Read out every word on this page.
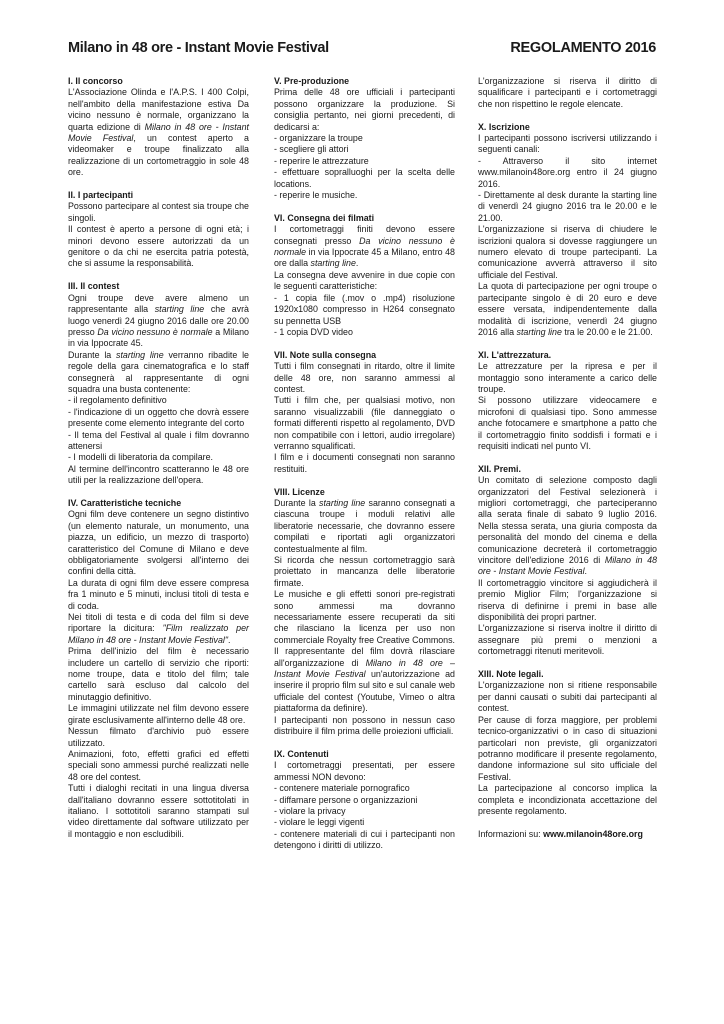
Milano in 48 ore - Instant Movie Festival	REGOLAMENTO 2016
I. Il concorso

L'Associazione Olinda e l'A.P.S. I 400 Colpi, nell'ambito della manifestazione estiva Da vicino nessuno è normale, organizzano la quarta edizione di Milano in 48 ore - Instant Movie Festival, un contest aperto a videomaker e troupe finalizzato alla realizzazione di un cortometraggio in sole 48 ore.

II. I partecipanti

Possono partecipare al contest sia troupe che singoli.

Il contest è aperto a persone di ogni età; i minori devono essere autorizzati da un genitore o da chi ne esercita patria potestà, che si assume la responsabilità.

III. Il contest

Ogni troupe deve avere almeno un rappresentante alla starting line che avrà luogo venerdì 24 giugno 2016 dalle ore 20.00 presso Da vicino nessuno è normale a Milano in via Ippocrate 45.

Durante la starting line verranno ribadite le regole della gara cinematografica e lo staff consegnerà al rappresentante di ogni squadra una busta contenente:

- il regolamento definitivo

- l'indicazione di un oggetto che dovrà essere presente come elemento integrante del corto

- Il tema del Festival al quale i film dovranno attenersi

- I modelli di liberatoria da compilare.

Al termine dell'incontro scatteranno le 48 ore utili per la realizzazione dell'opera.

IV. Caratteristiche tecniche

Ogni film deve contenere un segno distintivo (un elemento naturale, un monumento, una piazza, un edificio, un mezzo di trasporto) caratteristico del Comune di Milano e deve obbligatoriamente svolgersi all'interno dei confini della città.

La durata di ogni film deve essere compresa fra 1 minuto e 5 minuti, inclusi titoli di testa e di coda.

Nei titoli di testa e di coda del film si deve riportare la dicitura: "Film realizzato per Milano in 48 ore - Instant Movie Festival".

Prima dell'inizio del film è necessario includere un cartello di servizio che riporti: nome troupe, data e titolo del film; tale cartello sarà escluso dal calcolo del minutaggio definitivo.

Le immagini utilizzate nel film devono essere girate esclusivamente all'interno delle 48 ore.

Nessun filmato d'archivio può essere utilizzato.

Animazioni, foto, effetti grafici ed effetti speciali sono ammessi purché realizzati nelle 48 ore del contest.

Tutti i dialoghi recitati in una lingua diversa dall'italiano dovranno essere sottotitolati in italiano. I sottotitoli saranno stampati sul video direttamente dal software utilizzato per il montaggio e non escludibili.

V. Pre-produzione

Prima delle 48 ore ufficiali i partecipanti possono organizzare la produzione. Si consiglia pertanto, nei giorni precedenti, di dedicarsi a:

- organizzare la troupe

- scegliere gli attori

- reperire le attrezzature

- effettuare sopralluoghi per la scelta delle locations.

- reperire le musiche.

VI. Consegna dei filmati

I cortometraggi finiti devono essere consegnati presso Da vicino nessuno è normale in via Ippocrate 45 a Milano, entro 48 ore dalla starting line.

La consegna deve avvenire in due copie con le seguenti caratteristiche:

- 1 copia file (.mov o .mp4) risoluzione 1920x1080 compresso in H264 consegnato su pennetta USB

- 1 copia DVD video

VII. Note sulla consegna

Tutti i film consegnati in ritardo, oltre il limite delle 48 ore, non saranno ammessi al contest.

Tutti i film che, per qualsiasi motivo, non saranno visualizzabili (file danneggiato o formati differenti rispetto al regolamento, DVD non compatibile con i lettori, audio irregolare) verranno squalificati.

I film e i documenti consegnati non saranno restituiti.

VIII. Licenze

Durante la starting line saranno consegnati a ciascuna troupe i moduli relativi alle liberatorie necessarie, che dovranno essere compilati e riportati agli organizzatori contestualmente al film.

Si ricorda che nessun cortometraggio sarà proiettato in mancanza delle liberatorie firmate.

Le musiche e gli effetti sonori pre-registrati sono ammessi ma dovranno necessariamente essere recuperati da siti che rilasciano la licenza per uso non commerciale Royalty free Creative Commons.

Il rappresentante del film dovrà rilasciare all'organizzazione di Milano in 48 ore – Instant Movie Festival un'autorizzazione ad inserire il proprio film sul sito e sul canale web ufficiale del contest (Youtube, Vimeo o altra piattaforma da definire).

I partecipanti non possono in nessun caso distribuire il film prima delle proiezioni ufficiali.

IX. Contenuti

I cortometraggi presentati, per essere ammessi NON devono:

- contenere materiale pornografico

- diffamare persone o organizzazioni

- violare la privacy

- violare le leggi vigenti

- contenere materiali di cui i partecipanti non detengono i diritti di utilizzo.

L'organizzazione si riserva il diritto di squalificare i partecipanti e i cortometraggi che non rispettino le regole elencate.

X. Iscrizione

I partecipanti possono iscriversi utilizzando i seguenti canali:

- Attraverso il sito internet www.milanoin48ore.org entro il 24 giugno 2016.

- Direttamente al desk durante la starting line di venerdì 24 giugno 2016 tra le 20.00 e le 21.00.

L'organizzazione si riserva di chiudere le iscrizioni qualora si dovesse raggiungere un numero elevato di troupe partecipanti. La comunicazione avverrà attraverso il sito ufficiale del Festival.

La quota di partecipazione per ogni troupe o partecipante singolo è di 20 euro e deve essere versata, indipendentemente dalla modalità di iscrizione, venerdì 24 giugno 2016 alla starting line tra le 20.00 e le 21.00.

XI. L'attrezzatura.

Le attrezzature per la ripresa e per il montaggio sono interamente a carico delle troupe.

Si possono utilizzare videocamere e microfoni di qualsiasi tipo. Sono ammesse anche fotocamere e smartphone a patto che il cortometraggio finito soddisfi i formati e i requisiti indicati nel punto VI.

XII. Premi.

Un comitato di selezione composto dagli organizzatori del Festival selezionerà i migliori cortometraggi, che parteciperanno alla serata finale di sabato 9 luglio 2016. Nella stessa serata, una giuria composta da personalità del mondo del cinema e della comunicazione decreterà il cortometraggio vincitore dell'edizione 2016 di Milano in 48 ore - Instant Movie Festival.

Il cortometraggio vincitore si aggiudicherà il premio Miglior Film; l'organizzazione si riserva di definirne i premi in base alle disponibilità dei propri partner.

L'organizzazione si riserva inoltre il diritto di assegnare più premi o menzioni a cortometraggi ritenuti meritevoli.

XIII. Note legali.

L'organizzazione non si ritiene responsabile per danni causati o subiti dai partecipanti al contest.

Per cause di forza maggiore, per problemi tecnico-organizzativi o in caso di situazioni particolari non previste, gli organizzatori potranno modificare il presente regolamento, dandone informazione sul sito ufficiale del Festival.

La partecipazione al concorso implica la completa e incondizionata accettazione del presente regolamento.

Informazioni su: www.milanoin48ore.org
